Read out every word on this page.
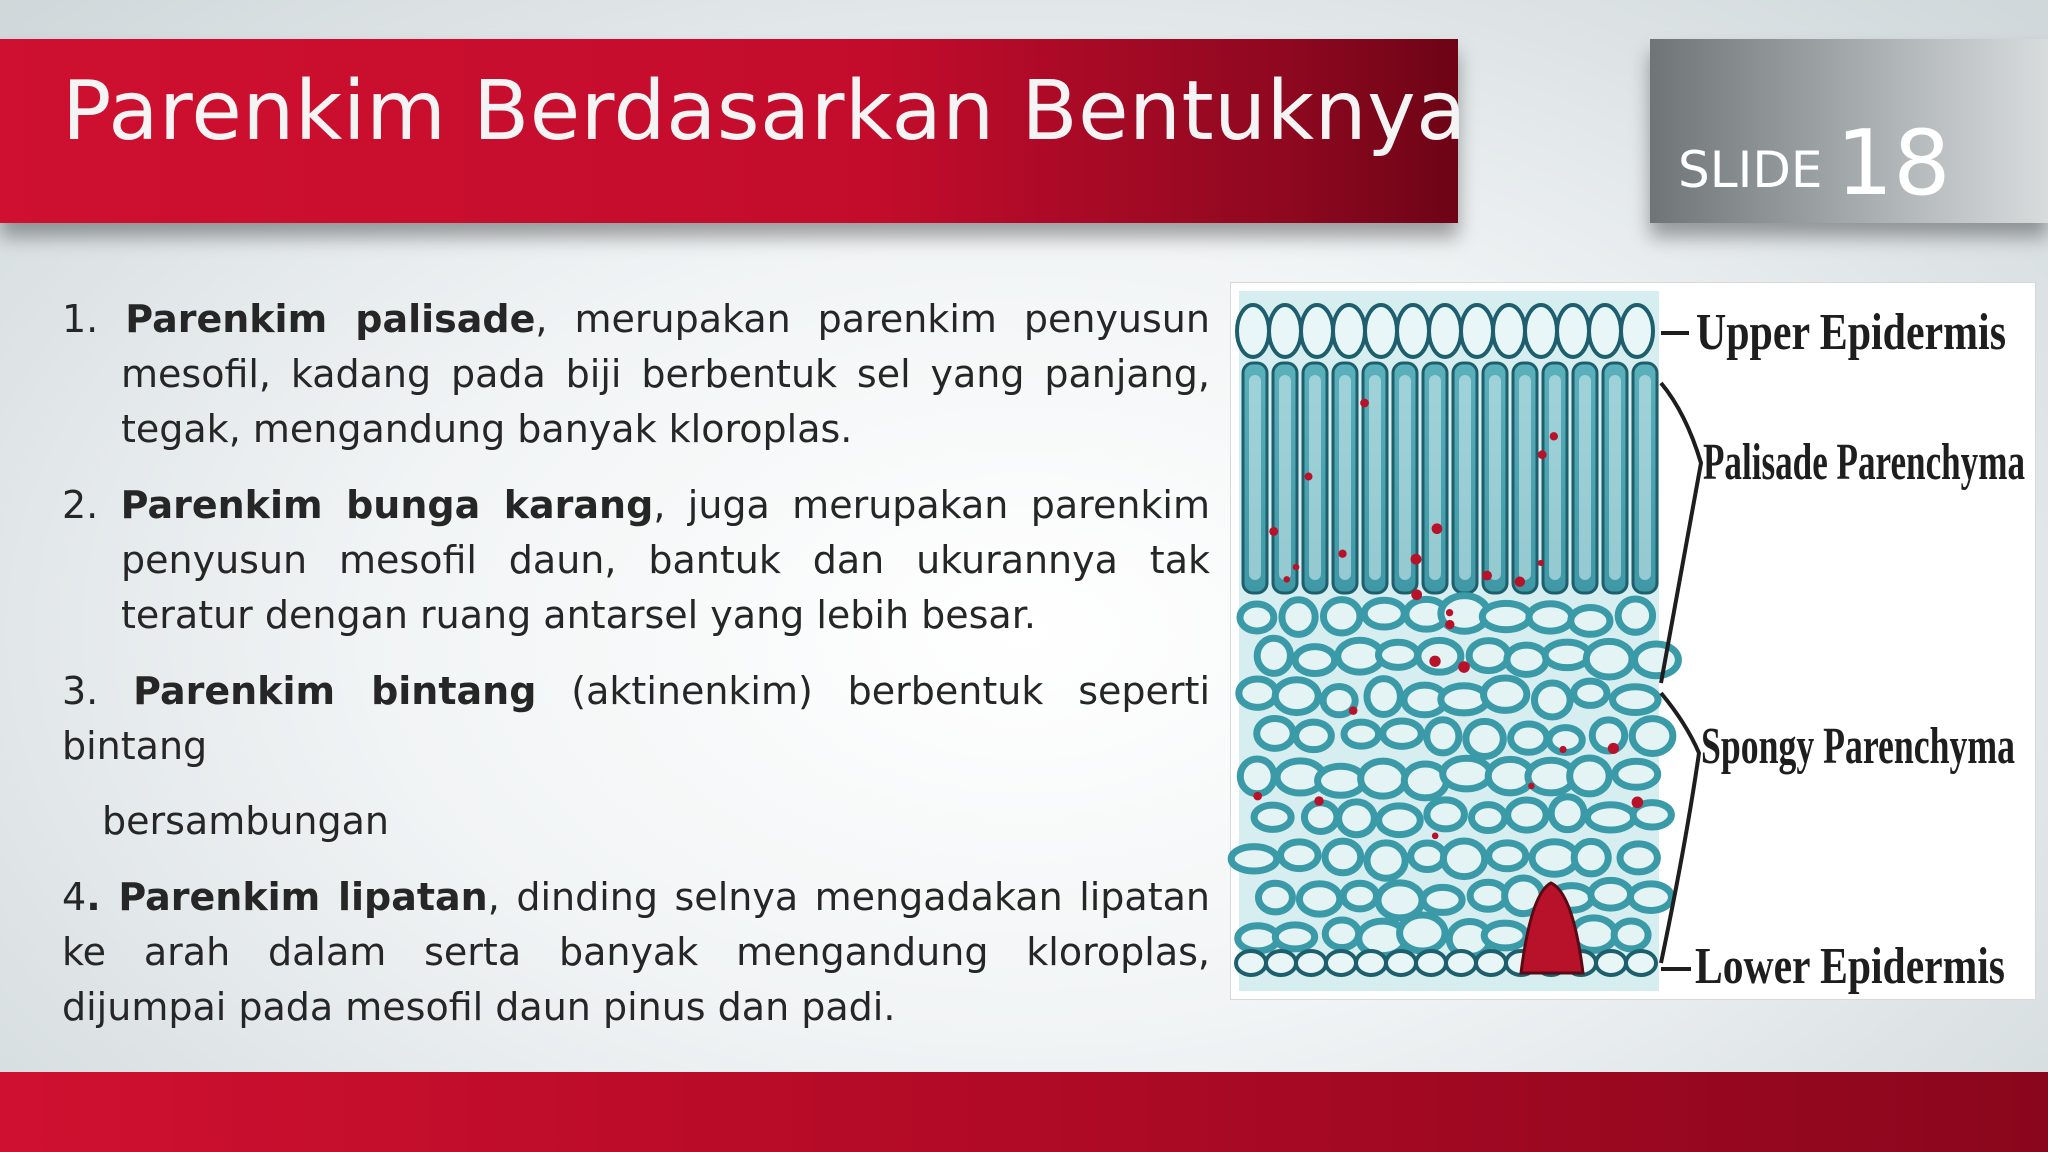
Parenkim Berdasarkan Bentuknya
SLIDE 18
1. Parenkim palisade, merupakan parenkim penyusun mesofil, kadang pada biji berbentuk sel yang panjang, tegak, mengandung banyak kloroplas.
2. Parenkim bunga karang, juga merupakan parenkim penyusun mesofil daun, bantuk dan ukurannya tak teratur dengan ruang antarsel yang lebih besar.

3. Parenkim bintang (aktinenkim) berbentuk seperti bintang

bersambungan

4. Parenkim lipatan, dinding selnya mengadakan lipatan ke arah dalam serta banyak mengandung kloroplas, dijumpai pada mesofil daun pinus dan padi.
Upper Epidermis
Palisade Parenchyma
Spongy Parenchyma
Lower Epidermis
